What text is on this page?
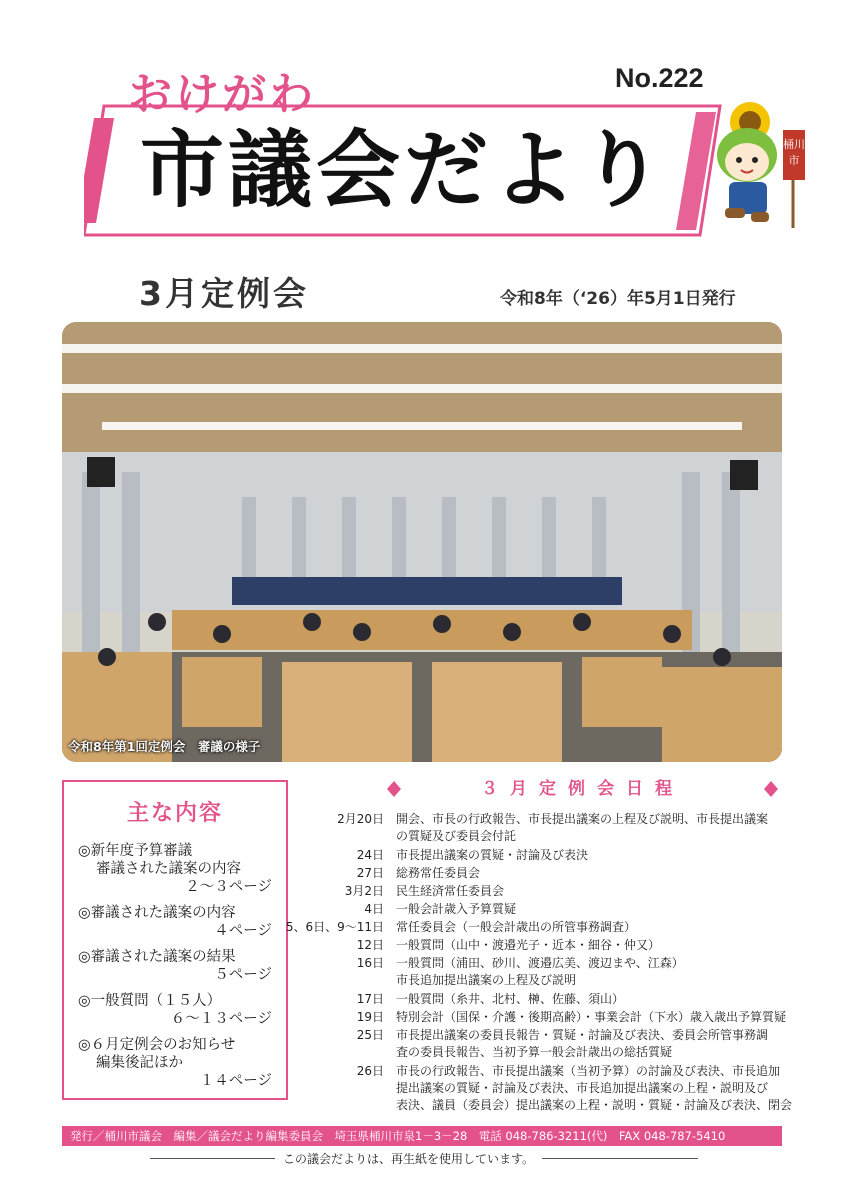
おけがわ	No.222
市議会だより	桶川
市
3月定例会	令和8年（‘26）年5月1日発行
令和8年第1回定例会　審議の様子
主な内容
◎新年度予算審議
審議された議案の内容
２～３ページ
◎審議された議案の内容
４ページ
◎審議された議案の結果
５ページ
◎一般質問（１５人）
６～１３ページ
◎６月定例会のお知らせ
編集後記ほか
１４ページ
３月定例会日程
2月20日 開会、市長の行政報告、市長提出議案の上程及び説明、市長提出議案
の質疑及び委員会付託
24日 市長提出議案の質疑・討論及び表決
27日 総務常任委員会
3月2日 民生経済常任委員会
4日 一般会計歳入予算質疑
5、6日、9～11日 常任委員会（一般会計歳出の所管事務調査）
12日 一般質問（山中・渡邉光子・近本・細谷・仲又）
16日 一般質問（浦田、砂川、渡邉広美、渡辺まや、江森）
市長追加提出議案の上程及び説明
17日 一般質問（糸井、北村、榊、佐藤、須山）
19日 特別会計（国保・介護・後期高齢）・事業会計（下水）歳入歳出予算質疑
25日 市長提出議案の委員長報告・質疑・討論及び表決、委員会所管事務調
査の委員長報告、当初予算一般会計歳出の総括質疑
26日 市長の行政報告、市長提出議案（当初予算）の討論及び表決、市長追加
提出議案の質疑・討論及び表決、市長追加提出議案の上程・説明及び
表決、議員（委員会）提出議案の上程・説明・質疑・討論及び表決、閉会
発行／桶川市議会　編集／議会だより編集委員会　埼玉県桶川市泉1－3－28　電話 048-786-3211(代)　FAX 048-787-5410
この議会だよりは、再生紙を使用しています。
